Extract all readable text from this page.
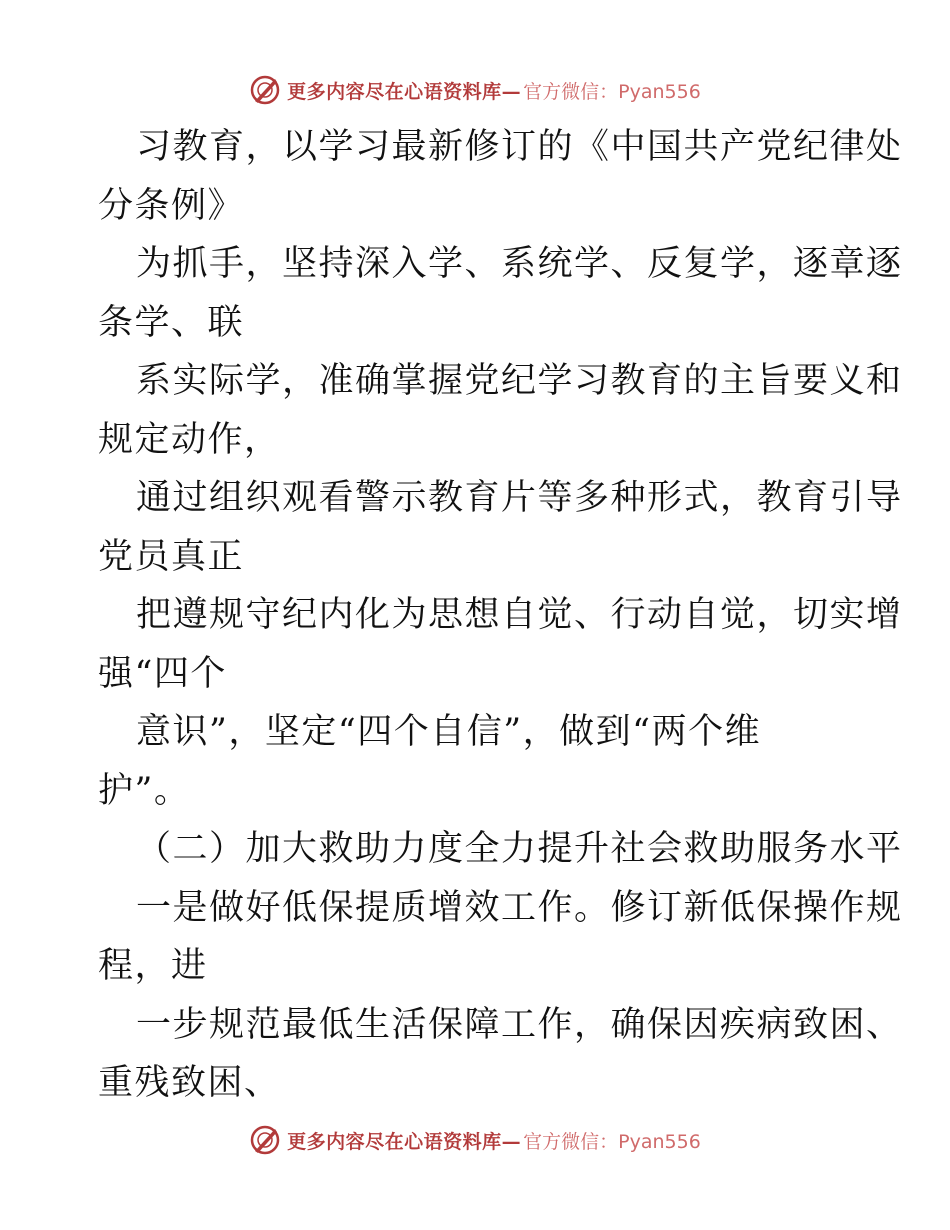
更多内容尽在心语资料库— 官方微信：Pyan556
习教育，以学习最新修订的《中国共产党纪律处
分条例》
为抓手，坚持深入学、系统学、反复学，逐章逐
条学、联
系实际学，准确掌握党纪学习教育的主旨要义和
规定动作，
通过组织观看警示教育片等多种形式，教育引导
党员真正
把遵规守纪内化为思想自觉、行动自觉，切实增
强“四个
意识”，坚定“四个自信”，做到“两个维
护”。
（二）加大救助力度全力提升社会救助服务水平
一是做好低保提质增效工作。修订新低保操作规
程，进
一步规范最低生活保障工作，确保因疾病致困、
重残致困、
更多内容尽在心语资料库— 官方微信：Pyan556
